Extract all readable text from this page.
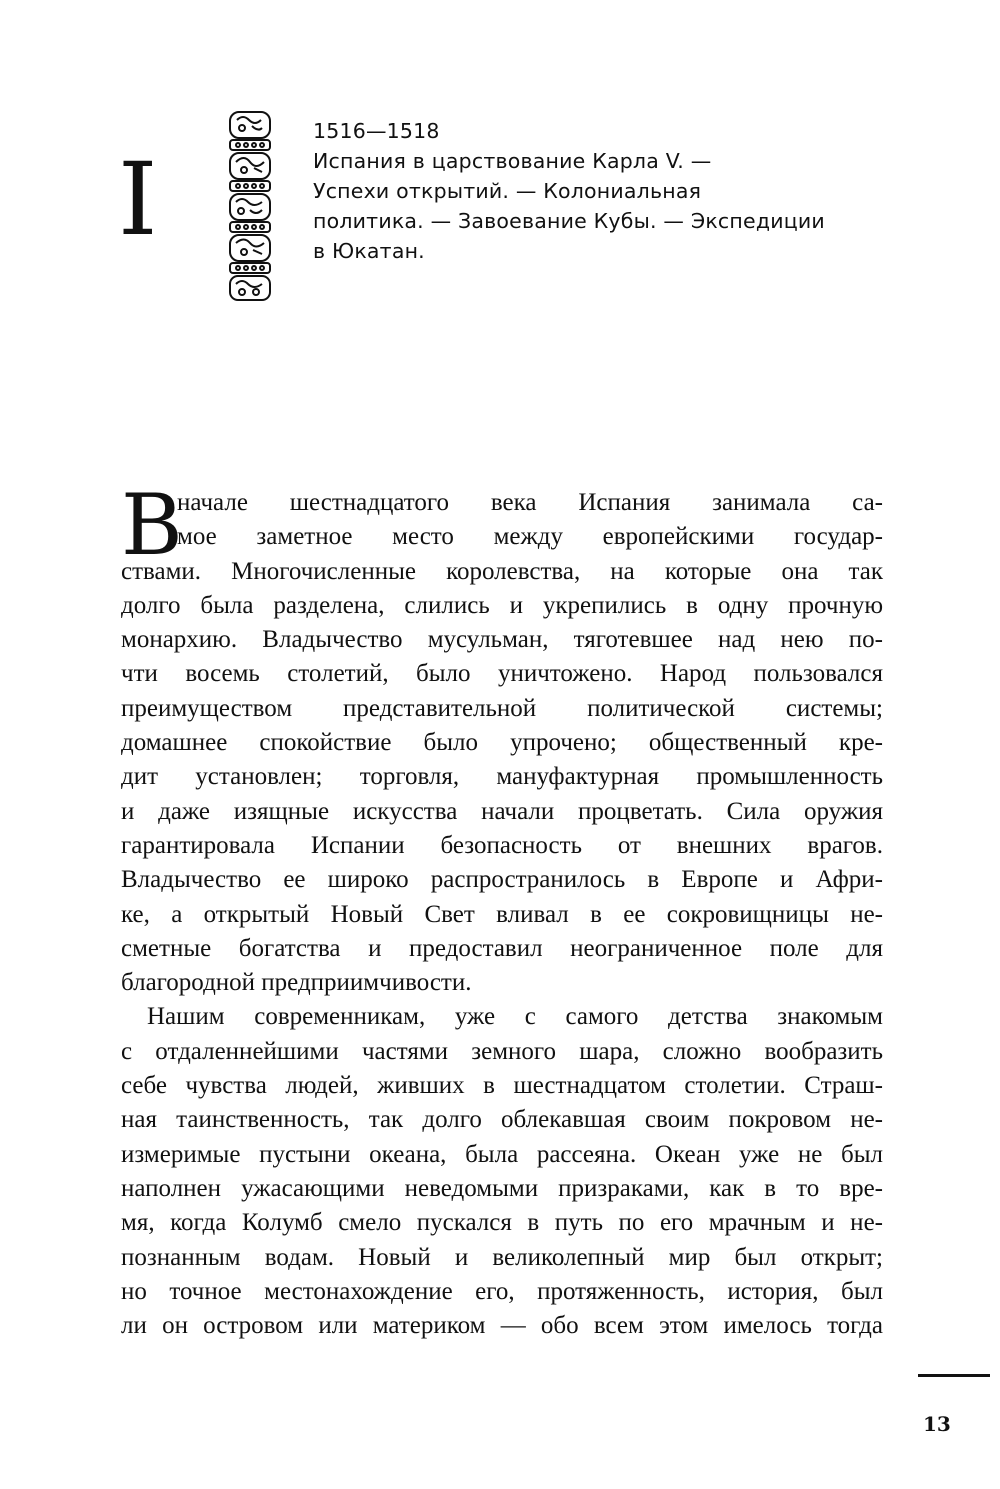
I
1516—1518
Испания в царствование Карла V. —
Успехи открытий. — Колониальная
политика. — Завоевание Кубы. — Экспедиции
в Юкатан.
В
начале шестнадцатого века Испания занимала са-
мое заметное место между европейскими государ-
ствами. Многочисленные королевства, на которые она так
долго была разделена, слились и укрепились в одну прочную
монархию. Владычество мусульман, тяготевшее над нею по-
чти восемь столетий, было уничтожено. Народ пользовался
преимуществом представительной политической системы;
домашнее спокойствие было упрочено; общественный кре-
дит установлен; торговля, мануфактурная промышленность
и даже изящные искусства начали процветать. Сила оружия
гарантировала Испании безопасность от внешних врагов.
Владычество ее широко распространилось в Европе и Афри-
ке, а открытый Новый Свет вливал в ее сокровищницы не-
сметные богатства и предоставил неограниченное поле для
благородной предприимчивости.
Нашим современникам, уже с самого детства знакомым
с отдаленнейшими частями земного шара, сложно вообразить
себе чувства людей, живших в шестнадцатом столетии. Страш-
ная таинственность, так долго облекавшая своим покровом не-
измеримые пустыни океана, была рассеяна. Океан уже не был
наполнен ужасающими неведомыми призраками, как в то вре-
мя, когда Колумб смело пускался в путь по его мрачным и не-
познанным водам. Новый и великолепный мир был открыт;
но точное местонахождение его, протяженность, история, был
ли он островом или материком — обо всем этом имелось тогда
13
